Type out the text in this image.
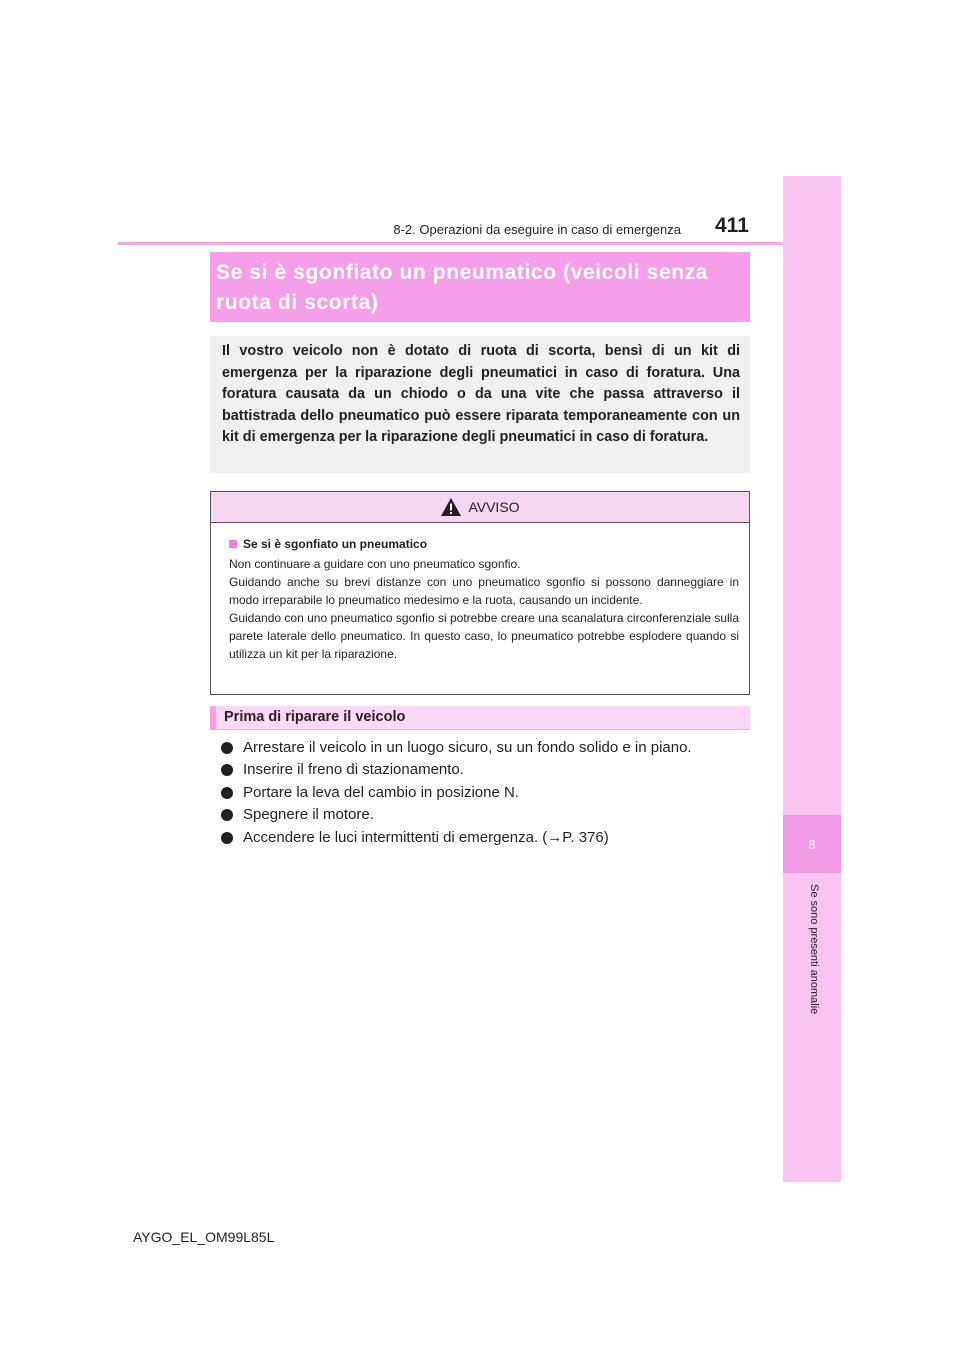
8
Se sono presenti anomalie
8-2. Operazioni da eseguire in caso di emergenza 411
Se si è sgonfiato un pneumatico (veicoli senza
ruota di scorta)

Il vostro veicolo non è dotato di ruota di scorta, bensì di un kit di emergenza per la riparazione degli pneumatici in caso di foratura. Una foratura causata da un chiodo o da una vite che passa attraverso il battistrada dello pneumatico può essere riparata temporaneamente con un kit di emergenza per la riparazione degli pneumatici in caso di foratura.

AVVISO
Se si è sgonfiato un pneumatico

Non continuare a guidare con uno pneumatico sgonfio.

Guidando anche su brevi distanze con uno pneumatico sgonfio si possono danneggiare in modo irreparabile lo pneumatico medesimo e la ruota, causando un incidente.

Guidando con uno pneumatico sgonfio si potrebbe creare una scanalatura circonferenziale sulla parete laterale dello pneumatico. In questo caso, lo pneumatico potrebbe esplodere quando si utilizza un kit per la riparazione.

Prima di riparare il veicolo
Arrestare il veicolo in un luogo sicuro, su un fondo solido e in piano.
Inserire il freno di stazionamento.
Portare la leva del cambio in posizione N.
Spegnere il motore.
Accendere le luci intermittenti di emergenza. (→P. 376)
AYGO_EL_OM99L85L
